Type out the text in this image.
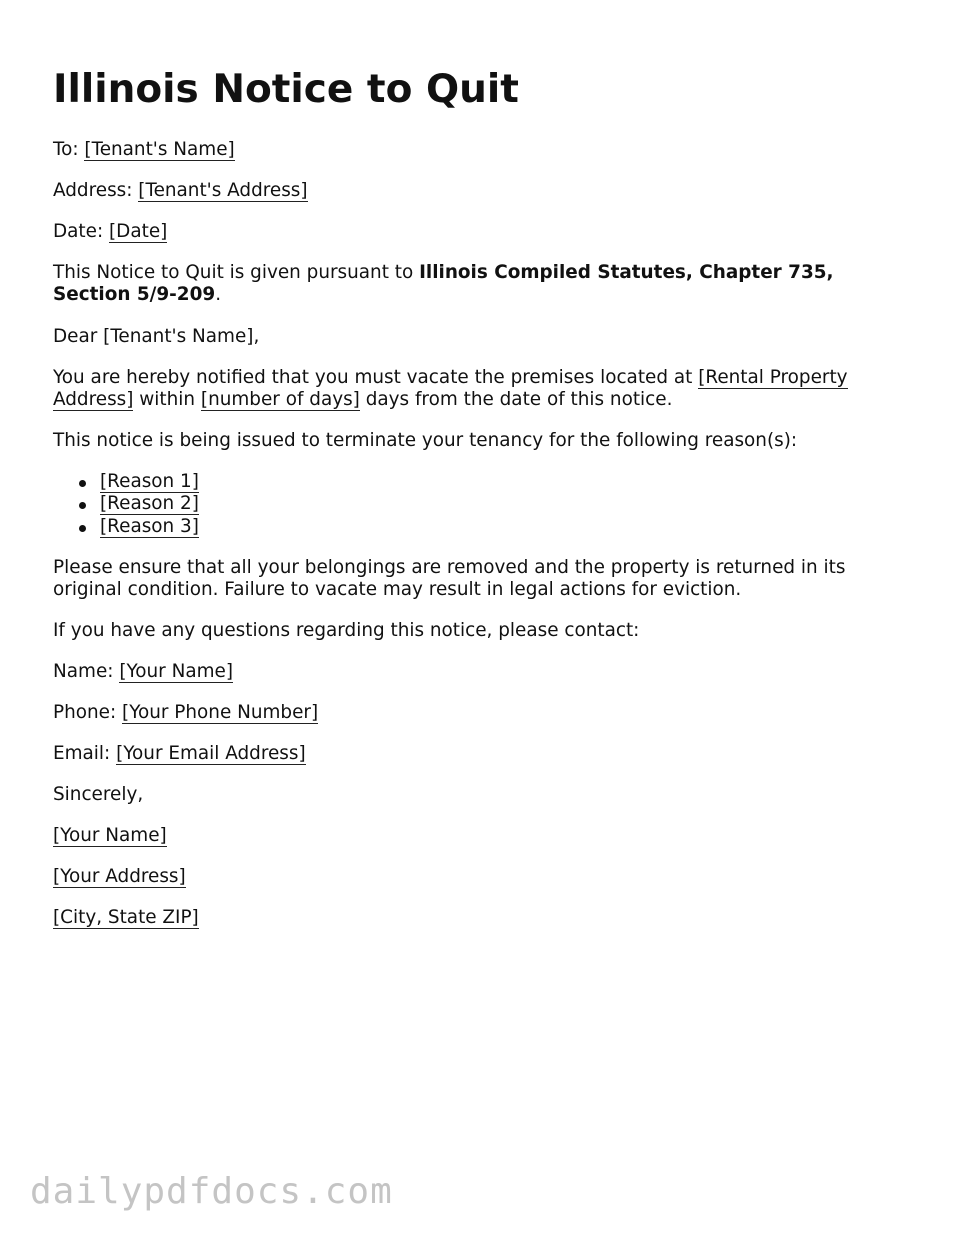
Illinois Notice to Quit

To: [Tenant's Name]

Address: [Tenant's Address]

Date: [Date]

This Notice to Quit is given pursuant to Illinois Compiled Statutes, Chapter 735, Section 5/9-209.

Dear [Tenant's Name],

You are hereby notified that you must vacate the premises located at [Rental Property Address] within [number of days] days from the date of this notice.

This notice is being issued to terminate your tenancy for the following reason(s):

[Reason 1]
[Reason 2]
[Reason 3]

Please ensure that all your belongings are removed and the property is returned in its original condition. Failure to vacate may result in legal actions for eviction.

If you have any questions regarding this notice, please contact:

Name: [Your Name]

Phone: [Your Phone Number]

Email: [Your Email Address]

Sincerely,

[Your Name]

[Your Address]

[City, State ZIP]

dailypdfdocs.com
